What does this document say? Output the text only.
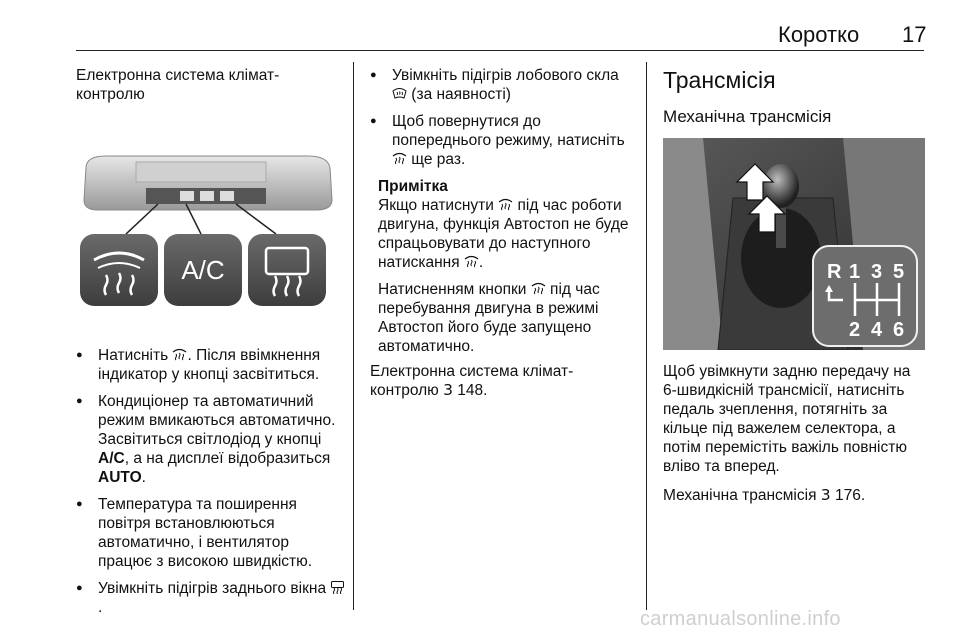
Коротко 17

Електронна система клімат-контролю

A/C
● Натисніть . Після ввімкнення індикатор у кнопці засвітиться.
● Кондиціонер та автоматичний режим вмикаються автоматично. Засвітиться світлодіод у кнопці A/C, а на дисплеї відобразиться AUTO.
● Температура та поширення повітря встановлюються автоматично, і вентилятор працює з високою швидкістю.
● Увімкніть підігрів заднього вікна .
● Увімкніть підігрів лобового скла  (за наявності)
● Щоб повернутися до попереднього режиму, натисніть  ще раз.

Примітка

Якщо натиснути  під час роботи двигуна, функція Автостоп не буде спрацьовувати до наступного натискання .

Натисненням кнопки  під час перебування двигуна в режимі Автостоп його буде запущено автоматично.

Електронна система клімат-контролю 3 148.

Трансмісія

Механічна трансмісія

R 1 3 5
2 4 6

Щоб увімкнути задню передачу на 6-швидкісній трансмісії, натисніть педаль зчеплення, потягніть за кільце під важелем селектора, а потім перемістіть важіль повністю вліво та вперед.

Механічна трансмісія 3 176.

carmanualsonline.info
